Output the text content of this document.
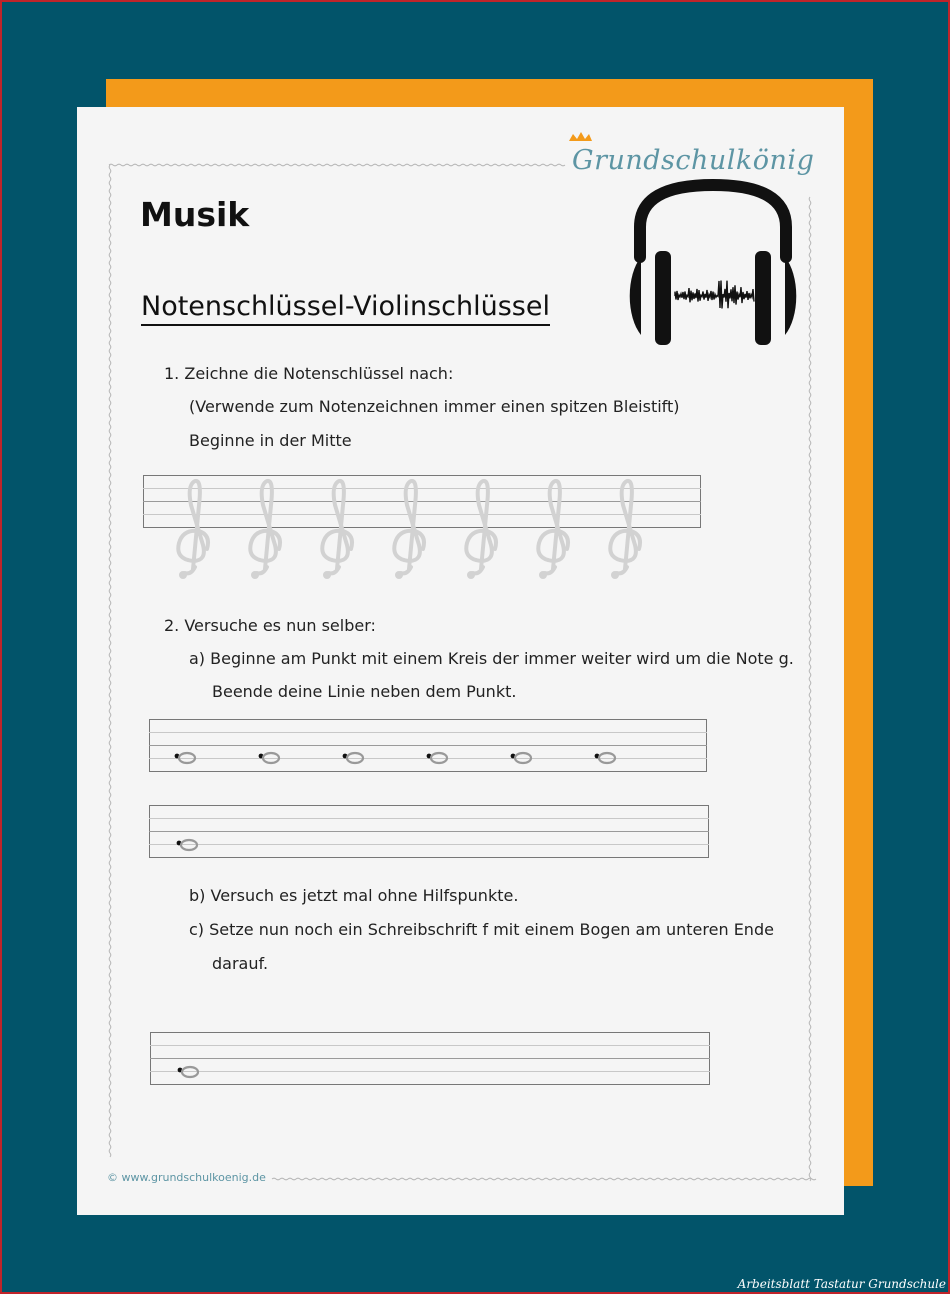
Grundschulkönig
Musik
Notenschlüssel-Violinschlüssel
1. Zeichne die Notenschlüssel nach:
(Verwende zum Notenzeichnen immer einen spitzen Bleistift)
Beginne in der Mitte
2. Versuche es nun selber:
a) Beginne am Punkt mit einem Kreis der immer weiter wird um die Note g.
Beende deine Linie neben dem Punkt.
b) Versuch es jetzt mal ohne Hilfspunkte.
c) Setze nun noch ein Schreibschrift f mit einem Bogen am unteren Ende
darauf.
© www.grundschulkoenig.de
Arbeitsblatt Tastatur Grundschule
